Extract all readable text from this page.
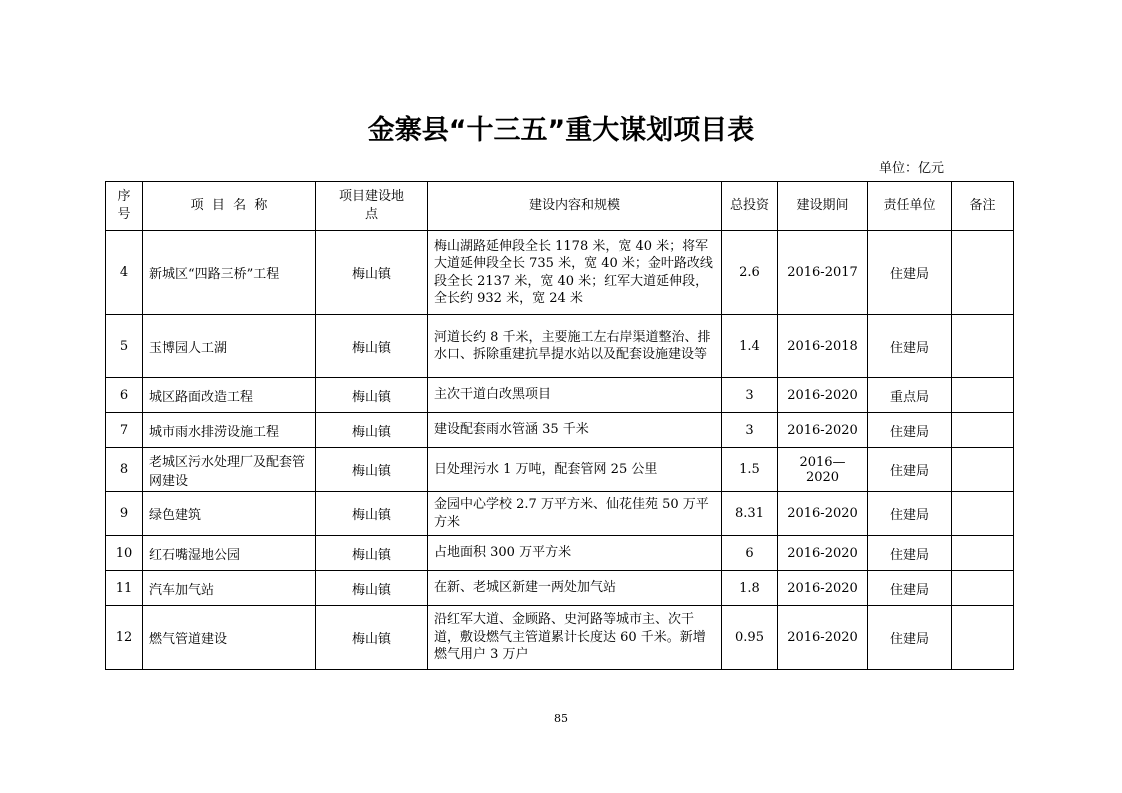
金寨县“十三五”重大谋划项目表
单位：亿元
序号	项  目  名  称	项目建设地点	建设内容和规模	总投资	建设期间	责任单位	备注
4	新城区“四路三桥”工程	梅山镇	梅山湖路延伸段全长 1178 米，宽 40 米；将军大道延伸段全长 735 米，宽 40 米；金叶路改线段全长 2137 米，宽 40 米；红军大道延伸段，全长约 932 米，宽 24 米	2.6	2016-2017	住建局	
5	玉博园人工湖	梅山镇	河道长约 8 千米，主要施工左右岸渠道整治、排水口、拆除重建抗旱提水站以及配套设施建设等	1.4	2016-2018	住建局	
6	城区路面改造工程	梅山镇	主次干道白改黑项目	3	2016-2020	重点局	
7	城市雨水排涝设施工程	梅山镇	建设配套雨水管涵 35 千米	3	2016-2020	住建局	
8	老城区污水处理厂及配套管网建设	梅山镇	日处理污水 1 万吨，配套管网 25 公里	1.5	2016—2020	住建局	
9	绿色建筑	梅山镇	金园中心学校 2.7 万平方米、仙花佳苑 50 万平方米	8.31	2016-2020	住建局	
10	红石嘴湿地公园	梅山镇	占地面积 300 万平方米	6	2016-2020	住建局	
11	汽车加气站	梅山镇	在新、老城区新建一两处加气站	1.8	2016-2020	住建局	
12	燃气管道建设	梅山镇	沿红军大道、金顾路、史河路等城市主、次干道，敷设燃气主管道累计长度达 60 千米。新增燃气用户 3 万户	0.95	2016-2020	住建局	
85
